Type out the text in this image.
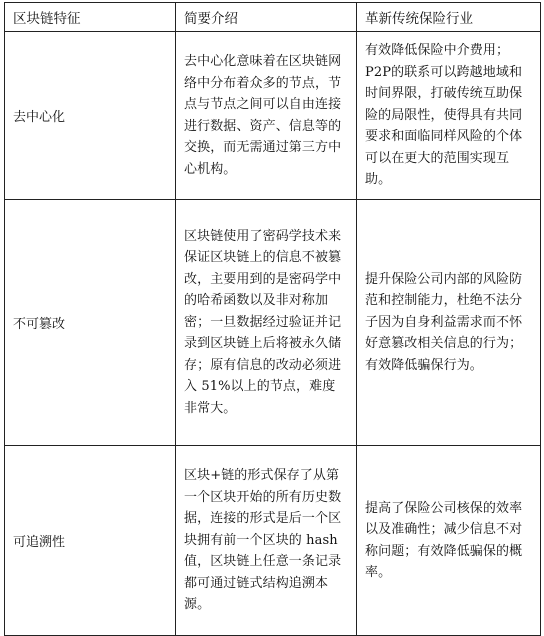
区块链特征	简要介绍	革新传统保险行业
去中心化	去中心化意味着在区块链网络中分布着众多的节点，节点与节点之间可以自由连接进行数据、资产、信息等的交换，而无需通过第三方中心机构。	有效降低保险中介费用；P2P的联系可以跨越地域和时间界限，打破传统互助保险的局限性，使得具有共同要求和面临同样风险的个体可以在更大的范围实现互助。
不可篡改	区块链使用了密码学技术来保证区块链上的信息不被篡改，主要用到的是密码学中的哈希函数以及非对称加密；一旦数据经过验证并记录到区块链上后将被永久储存；原有信息的改动必须进入 51%以上的节点，难度非常大。	提升保险公司内部的风险防范和控制能力，杜绝不法分子因为自身利益需求而不怀好意篡改相关信息的行为；有效降低骗保行为。
可追溯性	区块+链的形式保存了从第一个区块开始的所有历史数据，连接的形式是后一个区块拥有前一个区块的 hash 值，区块链上任意一条记录都可通过链式结构追溯本源。	提高了保险公司核保的效率以及准确性；减少信息不对称问题；有效降低骗保的概率。
